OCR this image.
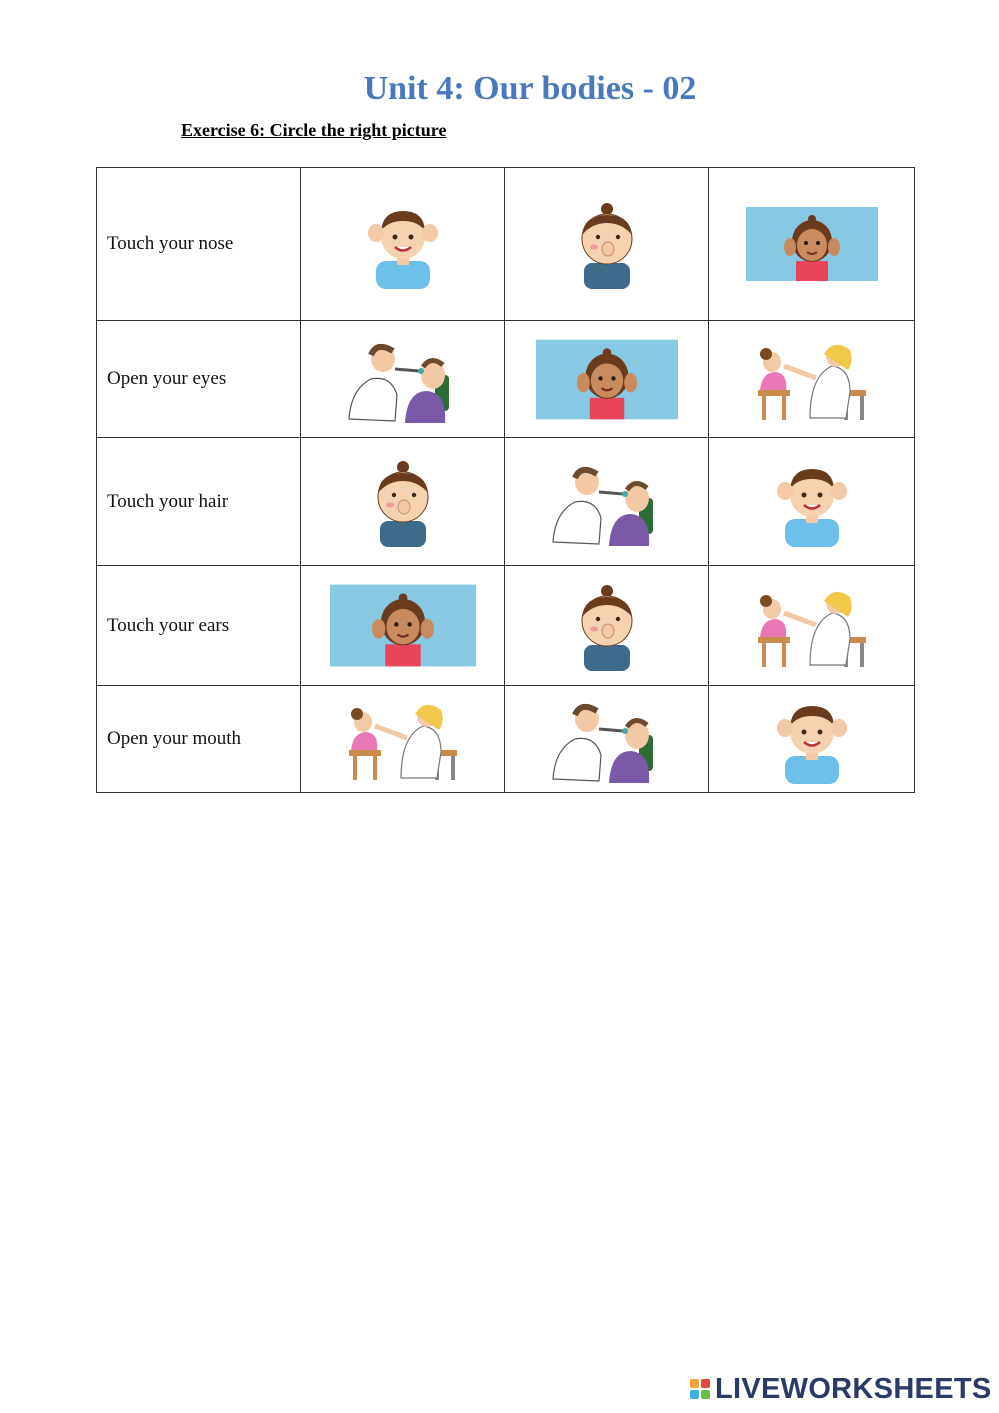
Unit 4: Our bodies - 02
Exercise 6: Circle the right picture
Touch your nose	

Open your eyes	

Touch your hair	

Touch your ears	

Open your mouth	

LIVEWORKSHEETS
